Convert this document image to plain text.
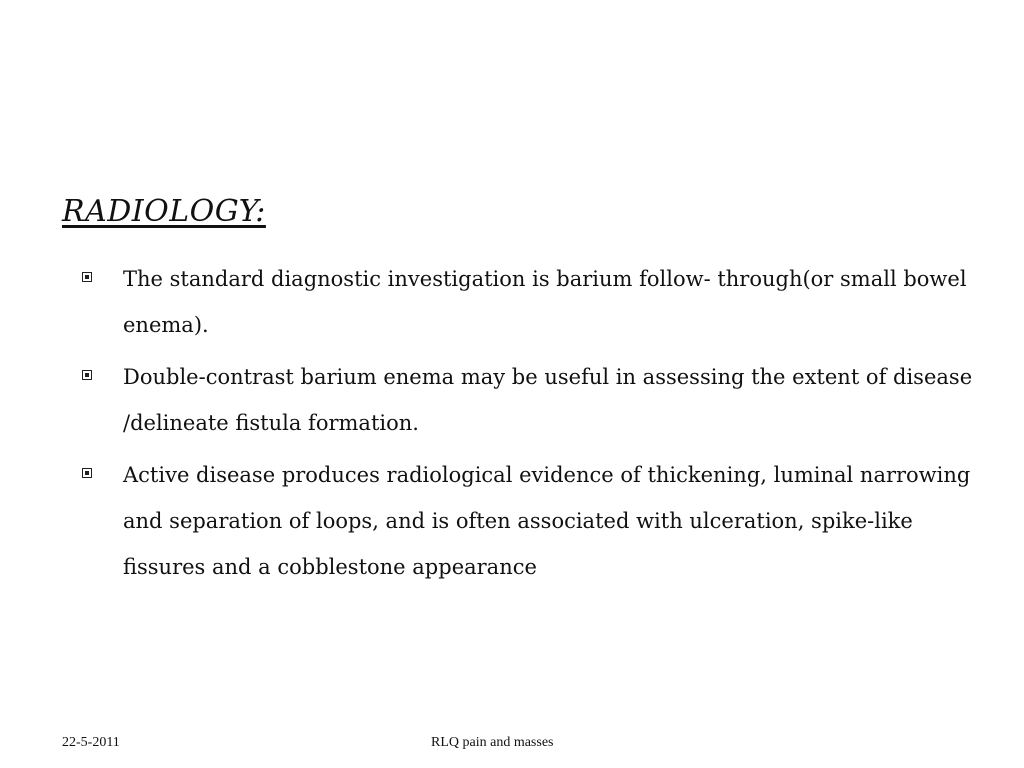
RADIOLOGY:
The standard diagnostic investigation is barium follow- through(or small bowel enema).
Double-contrast barium enema may be useful in assessing the extent of disease /delineate fistula formation.
Active disease produces radiological evidence of thickening, luminal narrowing and separation of loops, and is often associated with ulceration, spike-like fissures and a cobblestone appearance
22-5-2011	RLQ pain and masses
